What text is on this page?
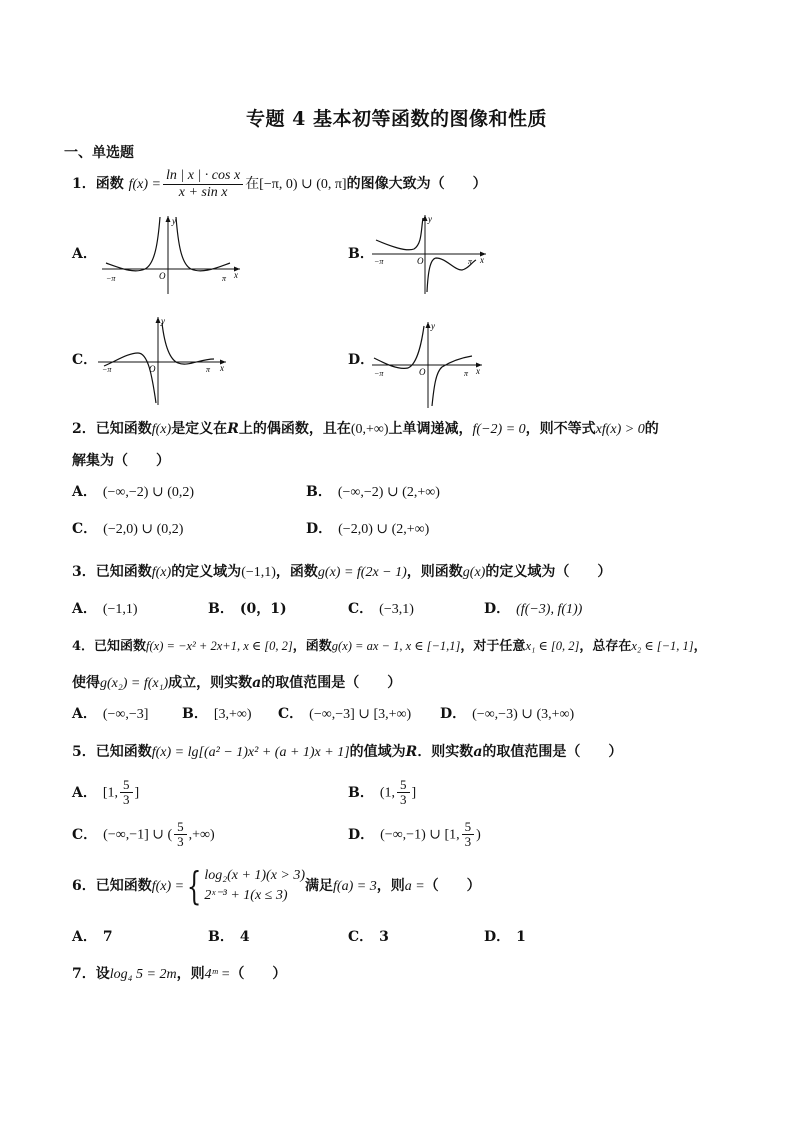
专题 4 基本初等函数的图像和性质
一、单选题
1．函数 $f(x) = \frac{\text{ln | x | · cos x}}{\text{x + sin x}}$ 在[−π, 0) ∪ (0, π]的图像大致为（　　）
A．
−π	π x
y
O
B． −π	π x
y
O
C．
−π	π x
y
O
D．
−π	π x
y
O
2．已知函数f(x)是定义在R上的偶函数，且在(0,+∞)上单调递减，f(−2) = 0，则不等式xf(x) > 0的
解集为（　　）
A． (−∞,−2) ∪ (0,2)	B． (−∞,−2) ∪ (2,+∞)
C． (−2,0) ∪ (0,2)	D． (−2,0) ∪ (2,+∞)
3．已知函数f(x)的定义域为(−1,1)，函数g(x) = f(2x − 1)，则函数g(x)的定义域为（　　）
A． (−1,1)	B． (0，1)	C． (−3,1)	D． (f(−3), f(1))
4．已知函数f(x) = −x² + 2x+1, x ∈ [0, 2]，函数g(x) = ax − 1, x ∈ [−1,1]，对于任意x₁ ∈ [0, 2]，总存在x₂ ∈ [−1, 1]，
使得g(x₂) = f(x₁)成立，则实数a的取值范围是（　　）
A． (−∞,−3] B． [3,+∞) C． (−∞,−3] ∪ [3,+∞) D． (−∞,−3) ∪ (3,+∞)
5．已知函数f(x) = lg[(a² − 1)x² + (a + 1)x + 1]的值域为R．则实数a的取值范围是（　　）
A． [1, $\frac{5}{3}$ ]	B． (1, $\frac{5}{3}$ ]
C． (−∞,−1] ∪ ( $\frac{5}{3}$ ,+∞)	D． (−∞,−1) ∪ [1, $\frac{5}{3}$ )
6．已知函数f(x) ={ log₂(x + 1)(x > 3)
2ˣ⁻³ + 1(x ≤ 3)
满足f(a) = 3，则a =（　　）
A． 7	B． 4	C． 3	D． 1
7．设log₄ 5 = 2m，则4ᵐ =（　　）
